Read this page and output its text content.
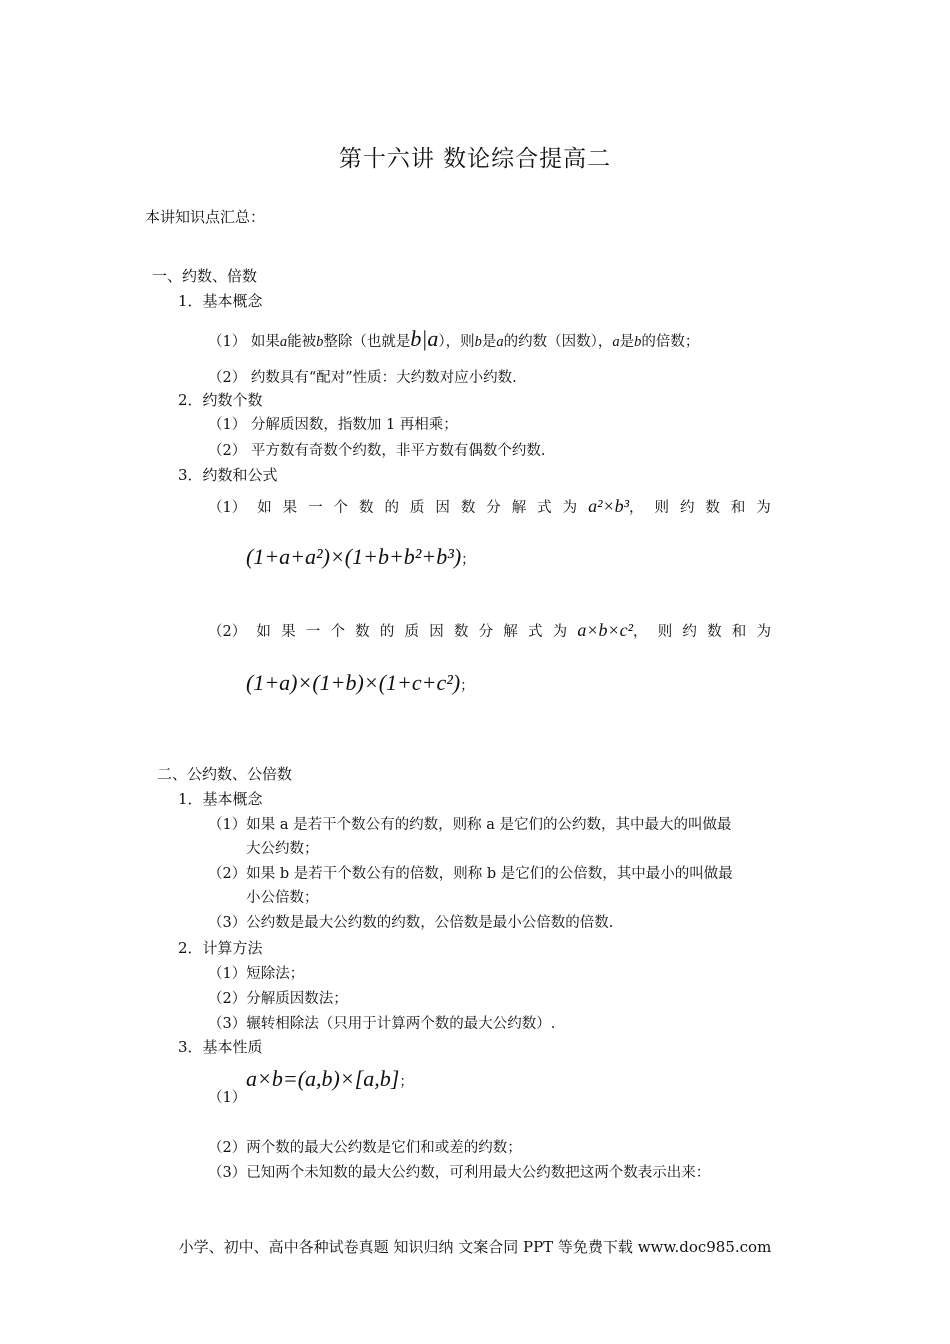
第十六讲 数论综合提高二
本讲知识点汇总：
一、约数、倍数
1．基本概念
（1） 如果a能被b整除（也就是b|a），则b是a的约数（因数），a是b的倍数；
（2） 约数具有“配对”性质：大约数对应小约数.
2．约数个数
（1） 分解质因数，指数加 1 再相乘；
（2） 平方数有奇数个约数，非平方数有偶数个约数.
3．约数和公式
（1） 如 果 一 个 数 的 质 因 数 分 解 式 为 a²×b³， 则 约 数 和 为
(1+a+a²)×(1+b+b²+b³)；
（2） 如 果 一 个 数 的 质 因 数 分 解 式 为 a×b×c²， 则 约 数 和 为
(1+a)×(1+b)×(1+c+c²)；
二、公约数、公倍数
1．基本概念
（1）如果 a 是若干个数公有的约数，则称 a 是它们的公约数，其中最大的叫做最
大公约数；
（2）如果 b 是若干个数公有的倍数，则称 b 是它们的公倍数，其中最小的叫做最
小公倍数；
（3）公约数是最大公约数的约数，公倍数是最小公倍数的倍数.
2．计算方法
（1）短除法；
（2）分解质因数法；
（3）辗转相除法（只用于计算两个数的最大公约数）.
3．基本性质
（1）
a×b=(a,b)×[a,b]；
（2）两个数的最大公约数是它们和或差的约数；
（3）已知两个未知数的最大公约数，可利用最大公约数把这两个数表示出来：
小学、初中、高中各种试卷真题 知识归纳 文案合同 PPT 等免费下载 www.doc985.com
